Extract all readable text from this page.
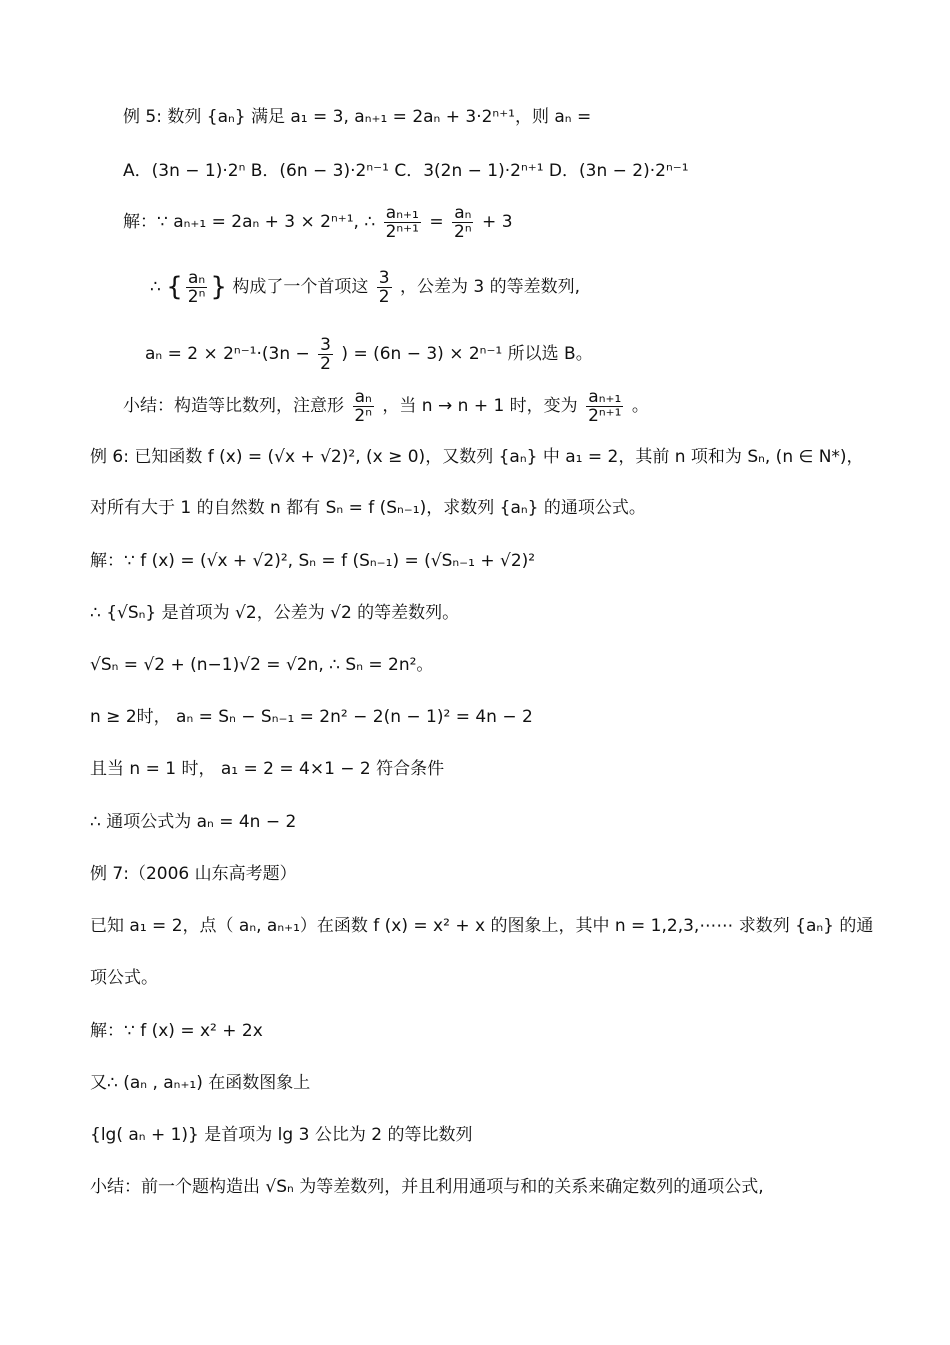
例 5: 数列 {aₙ} 满足 a₁ = 3, aₙ₊₁ = 2aₙ + 3·2ⁿ⁺¹，则 aₙ =
A．(3n − 1)·2ⁿ B．(6n − 3)·2ⁿ⁻¹ C．3(2n − 1)·2ⁿ⁺¹ D．(3n − 2)·2ⁿ⁻¹
解：∵ aₙ₊₁ = 2aₙ + 3 × 2ⁿ⁺¹, ∴ $\frac{\text{aₙ₊₁}}{\text{2ⁿ⁺¹}} = \frac{\text{aₙ}}{\text{2ⁿ}} + 3$
∴ { $\frac{\text{aₙ}}{\text{2ⁿ}}$ } 构成了一个首项这 $\frac{3}{2}$ ，公差为 3 的等差数列,
$a_n = 2 \times 2^{n-1}\cdot(3n - \frac{3}{2}$ ) = (6n − 3) × 2ⁿ⁻¹ 所以选 B。
小结：构造等比数列，注意形 $\frac{\text{aₙ}}{\text{2ⁿ}}$ ，当 n → n + 1 时，变为 $\frac{\text{aₙ₊₁}}{\text{2ⁿ⁺¹}}$ 。
例 6: 已知函数 f (x) = (√x + √2)², (x ≥ 0)，又数列 {aₙ} 中 a₁ = 2，其前 n 项和为 Sₙ, (n ∈ N*)，
对所有大于 1 的自然数 n 都有 Sₙ = f (Sₙ₋₁)，求数列 {aₙ} 的通项公式。
解：∵ f (x) = (√x + √2)², Sₙ = f (Sₙ₋₁) = (√Sₙ₋₁ + √2)²
∴ {√Sₙ} 是首项为 √2，公差为 √2 的等差数列。
√Sₙ = √2 + (n−1)√2 = √2n, ∴ Sₙ = 2n²。
n ≥ 2时， aₙ = Sₙ − Sₙ₋₁ = 2n² − 2(n − 1)² = 4n − 2
且当 n = 1 时， a₁ = 2 = 4×1 − 2 符合条件
∴ 通项公式为 aₙ = 4n − 2
例 7:（2006 山东高考题）
已知 a₁ = 2，点（ aₙ, aₙ₊₁）在函数 f (x) = x² + x 的图象上，其中 n = 1,2,3,⋯⋯ 求数列 {aₙ} 的通
项公式。
解：∵ f (x) = x² + 2x
又∴ (aₙ , aₙ₊₁) 在函数图象上
{lg( aₙ + 1)} 是首项为 lg 3 公比为 2 的等比数列
小结：前一个题构造出 √Sₙ 为等差数列，并且利用通项与和的关系来确定数列的通项公式,
